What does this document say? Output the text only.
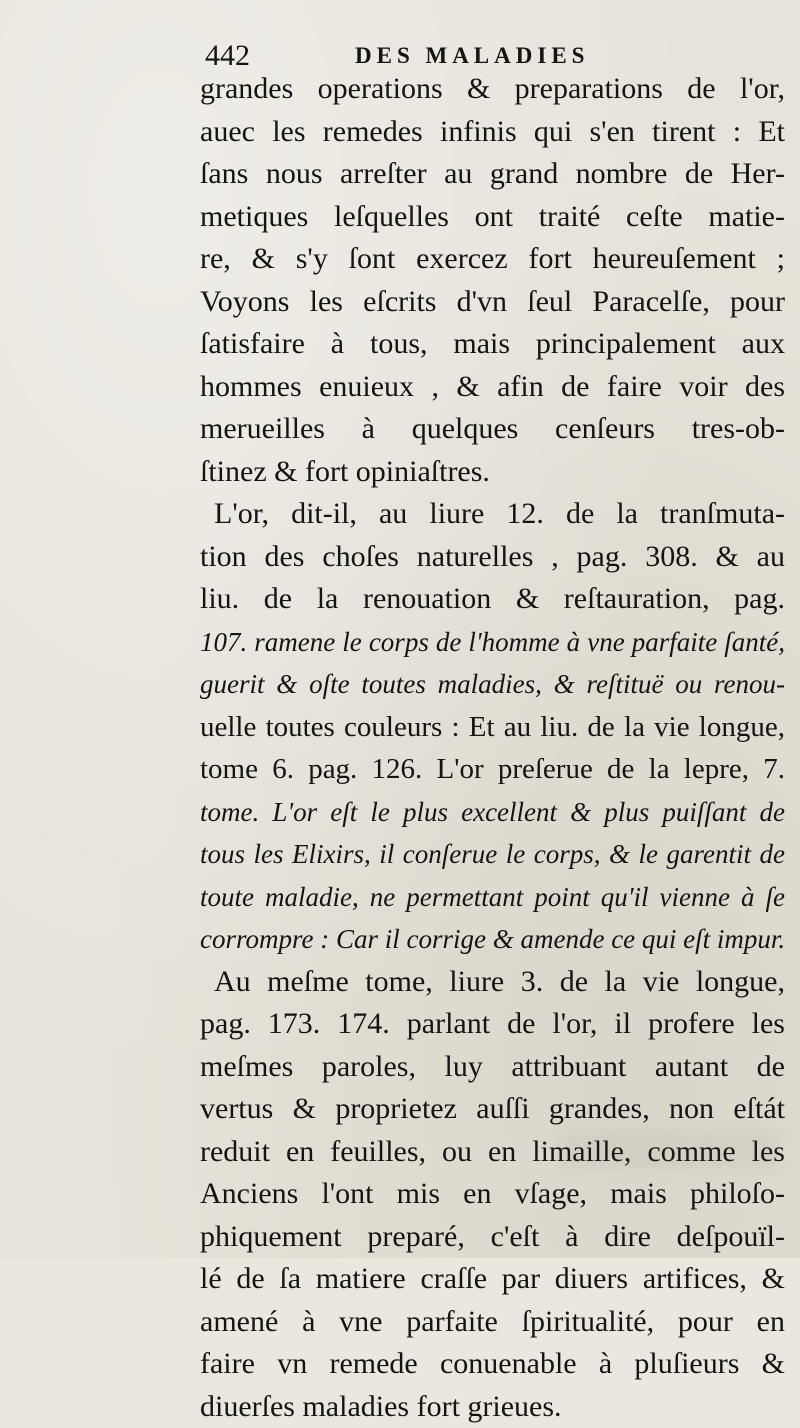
442	DES MALADIES
grandes operations & preparations de l'or,
auec les remedes infinis qui s'en tirent : Et
ſans nous arreſter au grand nombre de Her-
metiques leſquelles ont traité ceſte matie-
re, & s'y ſont exercez fort heureuſement ;
Voyons les eſcrits d'vn ſeul Paracelſe, pour
ſatisfaire à tous, mais principalement aux
hommes enuieux , & afin de faire voir des
merueilles à quelques cenſeurs tres-ob-
ſtinez & fort opiniaſtres.
L'or, dit-il, au liure 12. de la tranſmuta-
tion des choſes naturelles , pag. 308. & au
liu. de la renouation & reſtauration, pag.
107. ramene le corps de l'homme à vne parfaite ſanté,
guerit & oſte toutes maladies, & reſtituë ou renou-
uelle toutes couleurs : Et au liu. de la vie longue,
tome 6. pag. 126. L'or preſerue de la lepre, 7.
tome. L'or eſt le plus excellent & plus puiſſant de
tous les Elixirs, il conſerue le corps, & le garentit de
toute maladie, ne permettant point qu'il vienne à ſe
corrompre : Car il corrige & amende ce qui eſt impur.
Au meſme tome, liure 3. de la vie longue,
pag. 173. 174. parlant de l'or, il profere les
meſmes paroles, luy attribuant autant de
vertus & proprietez auſſi grandes, non eſtát
reduit en feuilles, ou en limaille, comme les
Anciens l'ont mis en vſage, mais philoſo-
phiquement preparé, c'eſt à dire deſpouïl-
lé de ſa matiere craſſe par diuers artifices, &
amené à vne parfaite ſpiritualité, pour en
faire vn remede conuenable à pluſieurs &
diuerſes maladies fort grieues.
